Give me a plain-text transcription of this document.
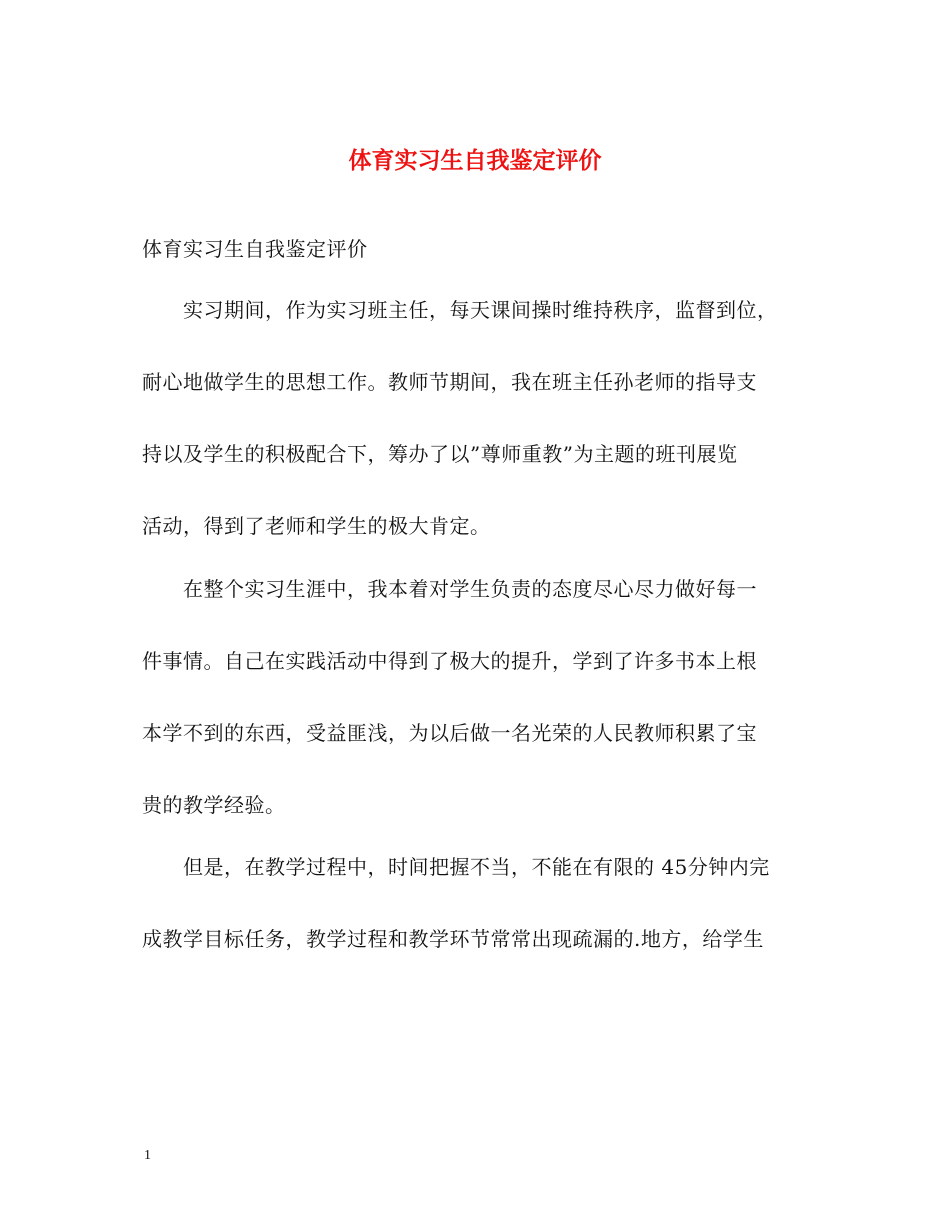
体育实习生自我鉴定评价
体育实习生自我鉴定评价
　　实习期间，作为实习班主任，每天课间操时维持秩序，监督到位，
耐心地做学生的思想工作。教师节期间，我在班主任孙老师的指导支
持以及学生的积极配合下，筹办了以”尊师重教”为主题的班刊展览
活动，得到了老师和学生的极大肯定。
　　在整个实习生涯中，我本着对学生负责的态度尽心尽力做好每一
件事情。自己在实践活动中得到了极大的提升，学到了许多书本上根
本学不到的东西，受益匪浅，为以后做一名光荣的人民教师积累了宝
贵的教学经验。
　　但是，在教学过程中，时间把握不当，不能在有限的 45分钟内完
成教学目标任务，教学过程和教学环节常常出现疏漏的.地方，给学生
1
